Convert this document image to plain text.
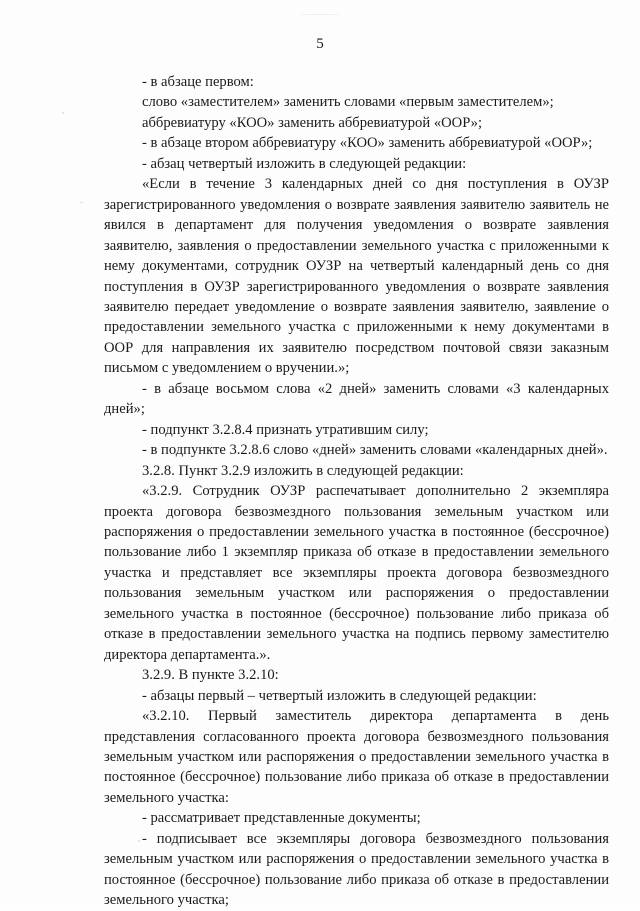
5

- в абзаце первом:

слово «заместителем» заменить словами «первым заместителем»;

аббревиатуру «КОО» заменить аббревиатурой «ООР»;

- в абзаце втором аббревиатуру «КОО» заменить аббревиатурой «ООР»;

- абзац четвертый изложить в следующей редакции:

«Если в течение 3 календарных дней со дня поступления в ОУЗР зарегистрированного уведомления о возврате заявления заявителю заявитель не явился в департамент для получения уведомления о возврате заявления заявителю, заявления о предоставлении земельного участка с приложенными к нему документами, сотрудник ОУЗР на четвертый календарный день со дня поступления в ОУЗР зарегистрированного уведомления о возврате заявления заявителю передает уведомление о возврате заявления заявителю, заявление о предоставлении земельного участка с приложенными к нему документами в ООР для направления их заявителю посредством почтовой связи заказным письмом с уведомлением о вручении.»;

- в абзаце восьмом слова «2 дней» заменить словами «3 календарных дней»;

- подпункт 3.2.8.4 признать утратившим силу;

- в подпункте 3.2.8.6 слово «дней» заменить словами «календарных дней».

3.2.8. Пункт 3.2.9 изложить в следующей редакции:

«3.2.9. Сотрудник ОУЗР распечатывает дополнительно 2 экземпляра проекта договора безвозмездного пользования земельным участком или распоряжения о предоставлении земельного участка в постоянное (бессрочное) пользование либо 1 экземпляр приказа об отказе в предоставлении земельного участка и представляет все экземпляры проекта договора безвозмездного пользования земельным участком или распоряжения о предоставлении земельного участка в постоянное (бессрочное) пользование либо приказа об отказе в предоставлении земельного участка на подпись первому заместителю директора департамента.».

3.2.9. В пункте 3.2.10:

- абзацы первый – четвертый изложить в следующей редакции:

«3.2.10. Первый заместитель директора департамента в день представления согласованного проекта договора безвозмездного пользования земельным участком или распоряжения о предоставлении земельного участка в постоянное (бессрочное) пользование либо приказа об отказе в предоставлении земельного участка:

- рассматривает представленные документы;

- подписывает все экземпляры договора безвозмездного пользования земельным участком или распоряжения о предоставлении земельного участка в постоянное (бессрочное) пользование либо приказа об отказе в предоставлении земельного участка;
